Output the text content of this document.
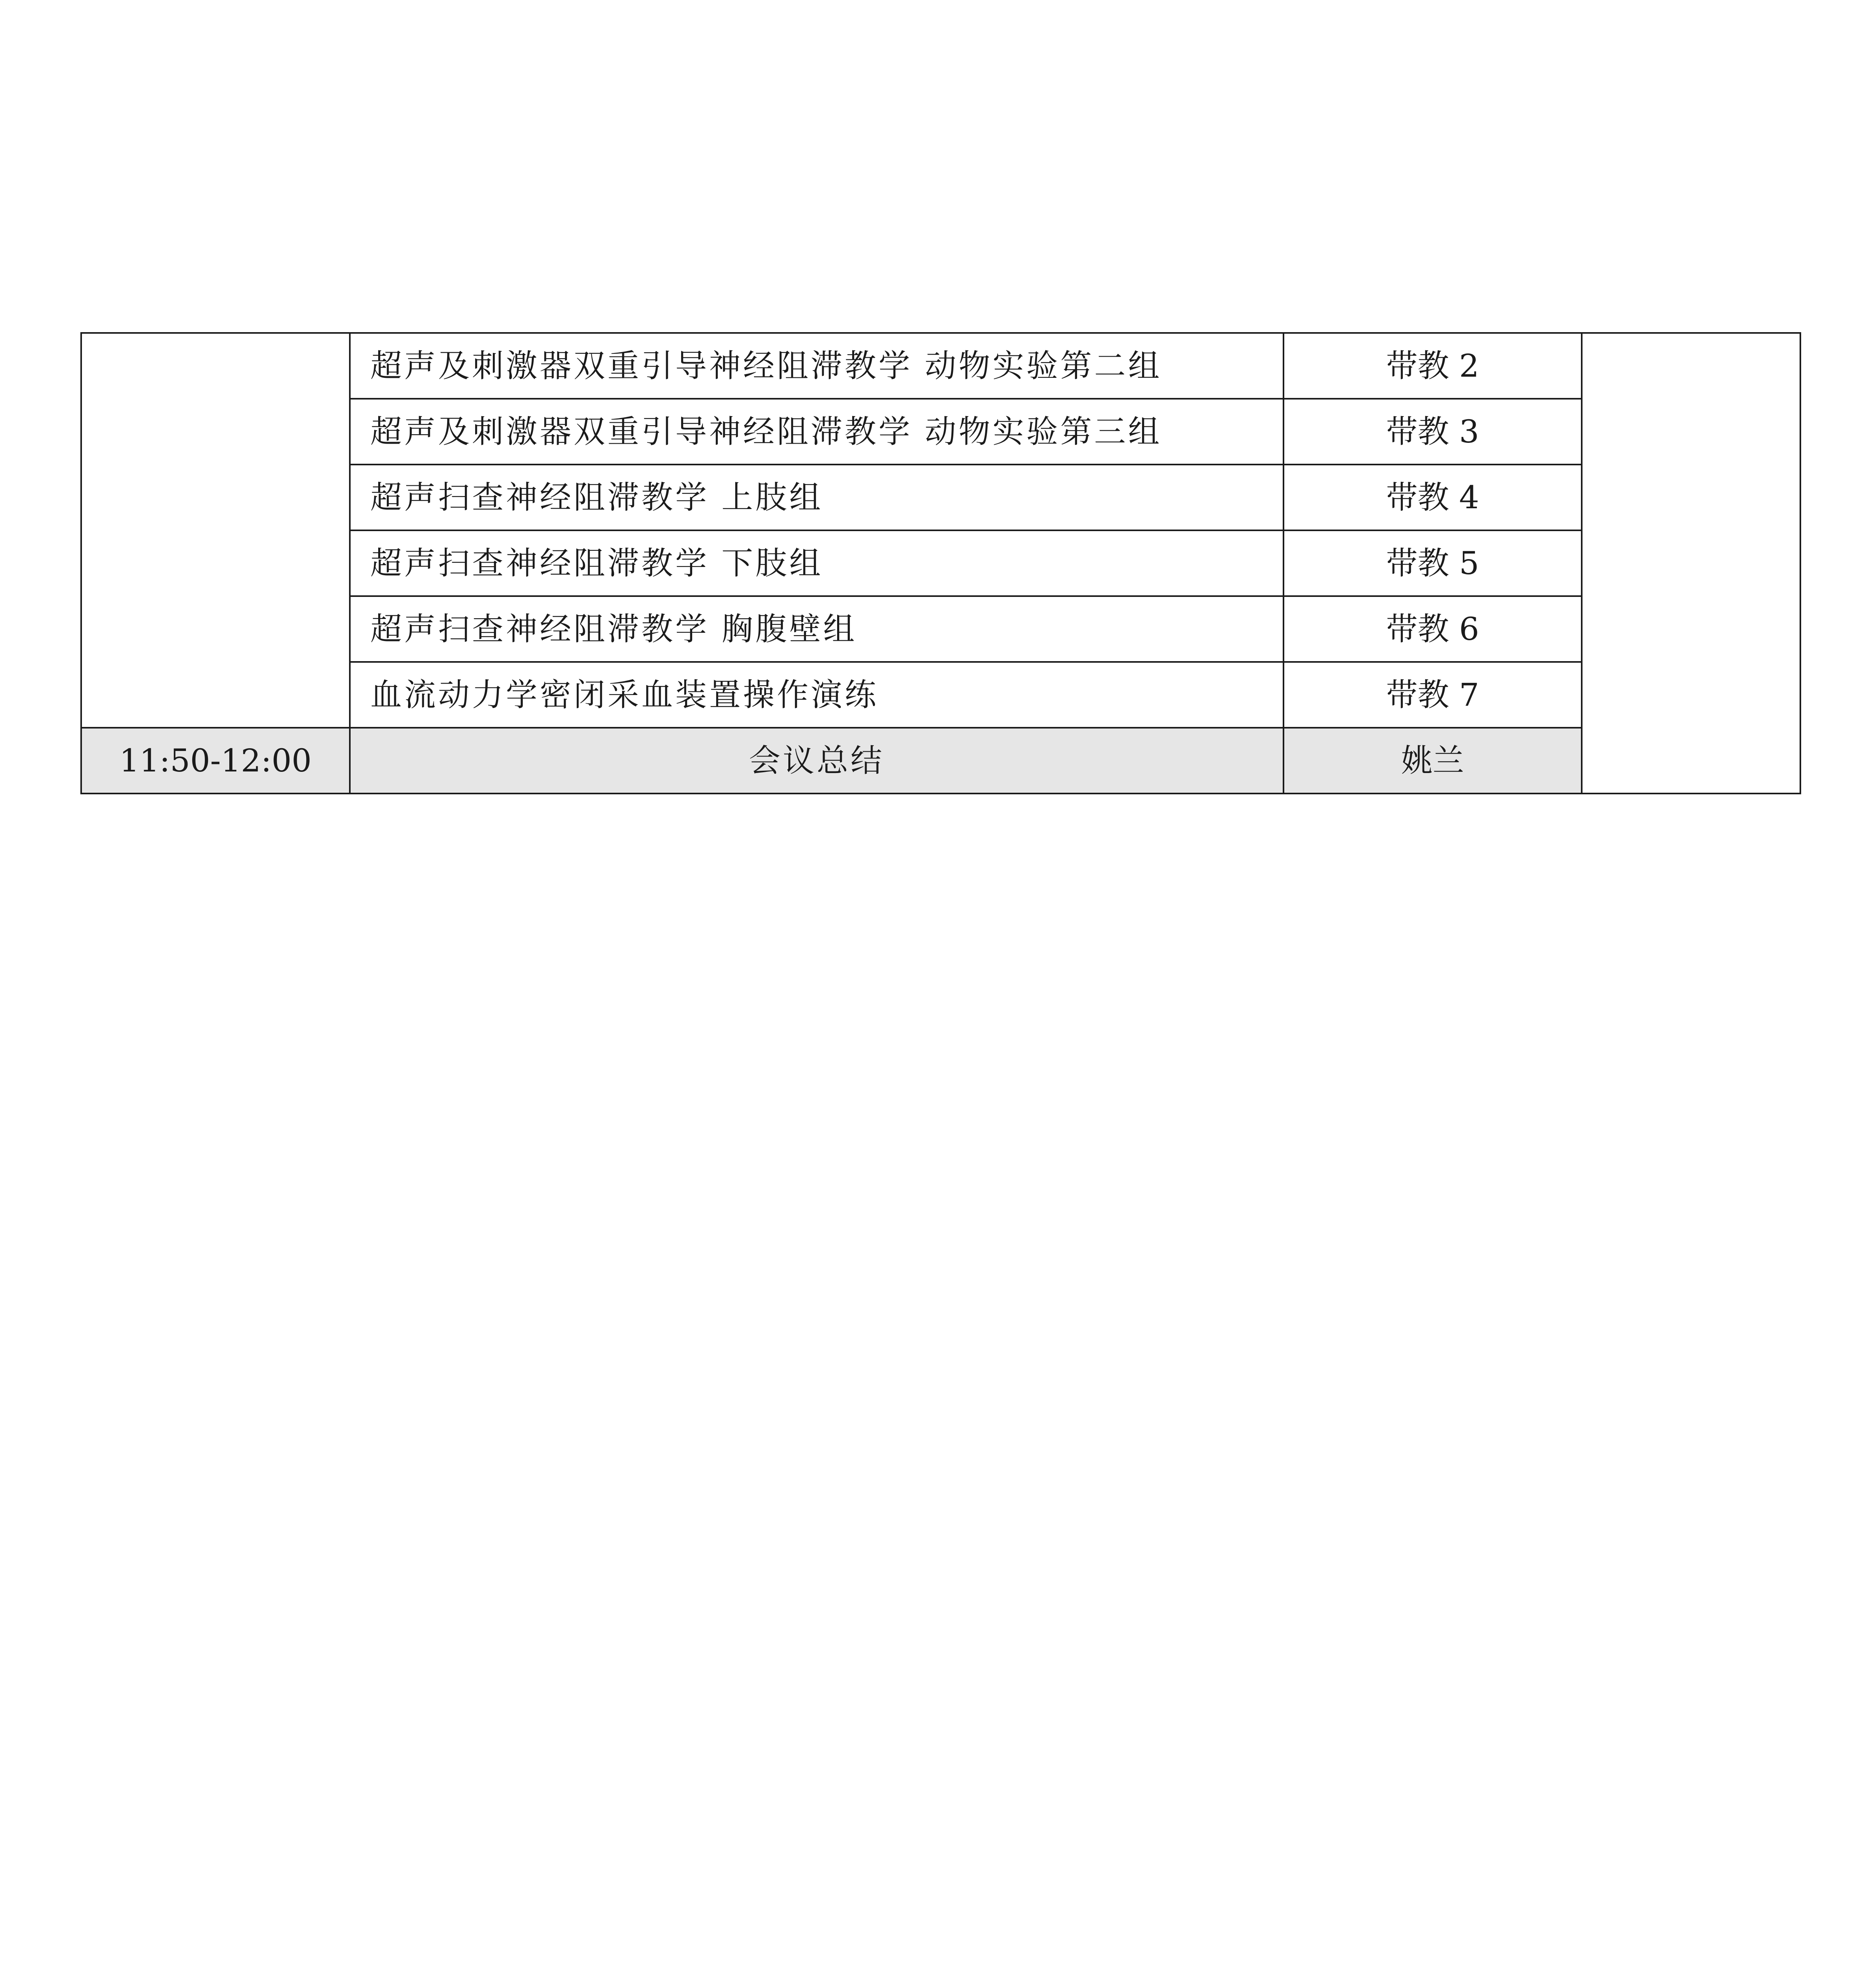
	超声及刺激器双重引导神经阻滞教学 动物实验第二组	带教 2	
	超声及刺激器双重引导神经阻滞教学 动物实验第三组	带教 3	
	超声扫查神经阻滞教学 上肢组	带教 4	
	超声扫查神经阻滞教学 下肢组	带教 5	
	超声扫查神经阻滞教学 胸腹壁组	带教 6	
	血流动力学密闭采血装置操作演练	带教 7	
11:50-12:00	会议总结	姚兰	
